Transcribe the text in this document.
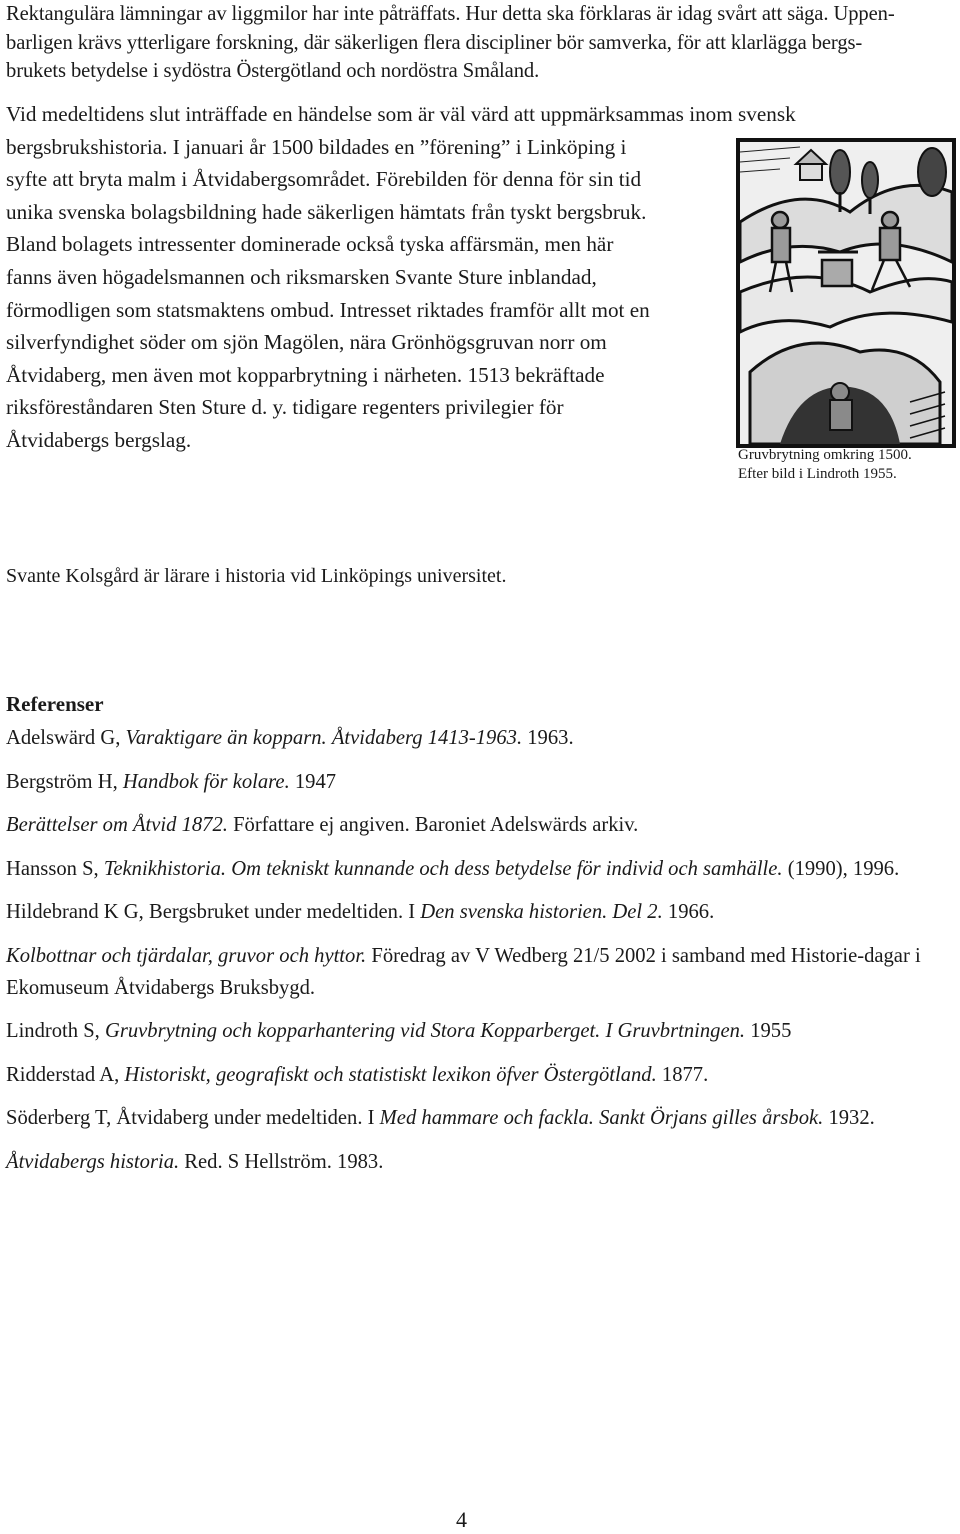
Rektangulära lämningar av liggmilor har inte påträffats. Hur detta ska förklaras är idag svårt att säga. Uppen-
barligen krävs ytterligare forskning, där säkerligen flera discipliner bör samverka, för att klarlägga bergs-
brukets betydelse i sydöstra Östergötland och nordöstra Småland.

Vid medeltidens slut inträffade en händelse som är väl värd att uppmärksammas inom svensk
bergsbrukshistoria. I januari år 1500 bildades en ”förening” i Linköping i
syfte att bryta malm i Åtvidabergsområdet. Förebilden för denna för sin tid
unika svenska bolagsbildning hade säkerligen hämtats från tyskt bergsbruk.
Bland bolagets intressenter dominerade också tyska affärsmän, men här
fanns även högadelsmannen och riksmarsken Svante Sture inblandad,
förmodligen som statsmaktens ombud. Intresset riktades framför allt mot en
silverfyndighet söder om sjön Magölen, nära Grönhögsgruvan norr om
Åtvidaberg, men även mot kopparbrytning i närheten. 1513 bekräftade
riksföreståndaren Sten Sture d. y. tidigare regenters privilegier för
Åtvidabergs bergslag.

Gruvbrytning omkring 1500.
Efter bild i Lindroth 1955.

Svante Kolsgård är lärare i historia vid Linköpings universitet.

Referenser
Adelswärd G, Varaktigare än kopparn. Åtvidaberg 1413-1963. 1963.
Bergström H, Handbok för kolare. 1947
Berättelser om Åtvid 1872. Författare ej angiven. Baroniet Adelswärds arkiv.
Hansson S, Teknikhistoria. Om tekniskt kunnande och dess betydelse för individ och samhälle. (1990), 1996.
Hildebrand K G, Bergsbruket under medeltiden. I Den svenska historien. Del 2. 1966.
Kolbottnar och tjärdalar, gruvor och hyttor. Föredrag av V Wedberg 21/5 2002 i samband med Historie-dagar i Ekomuseum Åtvidabergs Bruksbygd.
Lindroth S, Gruvbrytning och kopparhantering vid Stora Kopparberget. I Gruvbrtningen. 1955
Ridderstad A, Historiskt, geografiskt och statistiskt lexikon öfver Östergötland. 1877.
Söderberg T, Åtvidaberg under medeltiden. I Med hammare och fackla. Sankt Örjans gilles årsbok. 1932.
Åtvidabergs historia. Red. S Hellström. 1983.

4
